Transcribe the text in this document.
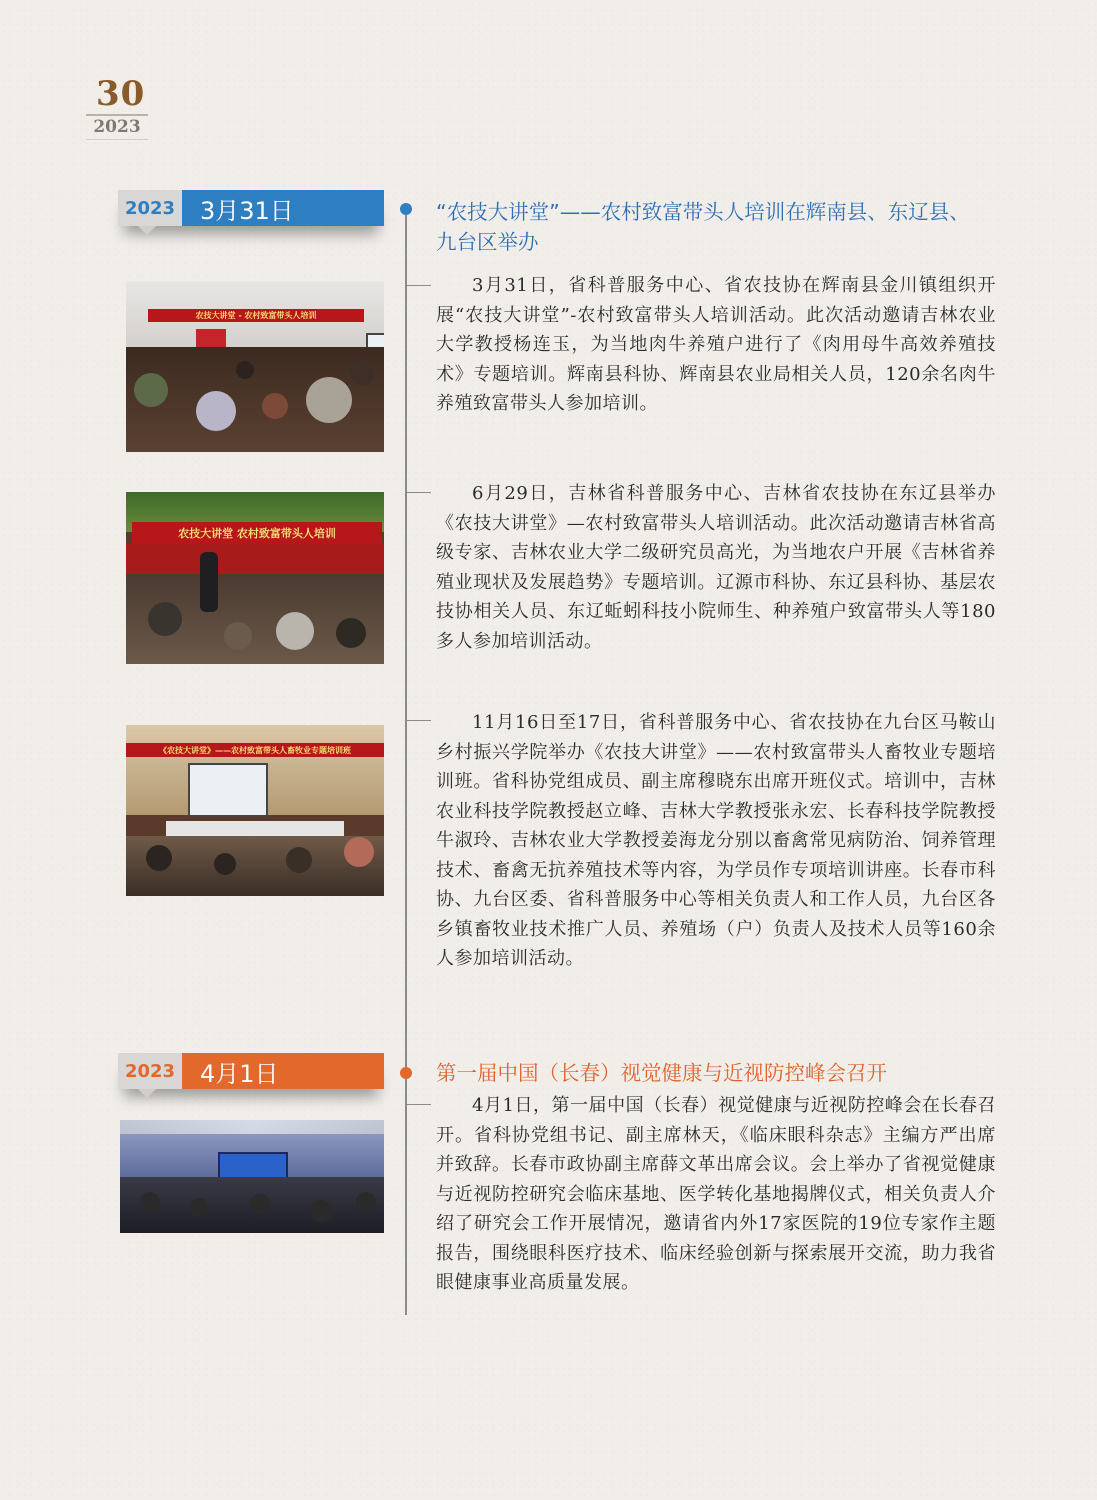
30
2023
2023	3月31日	“农技大讲堂”——农村致富带头人培训在辉南县、东辽县、
九台区举办

3月31日，省科普服务中心、省农技协在辉南县金川镇组织开展“农技大讲堂”-农村致富带头人培训活动。此次活动邀请吉林农业大学教授杨连玉，为当地肉牛养殖户进行了《肉用母牛高效养殖技术》专题培训。辉南县科协、辉南县农业局相关人员，120余名肉牛养殖致富带头人参加培训。

6月29日，吉林省科普服务中心、吉林省农技协在东辽县举办《农技大讲堂》—农村致富带头人培训活动。此次活动邀请吉林省高级专家、吉林农业大学二级研究员高光，为当地农户开展《吉林省养殖业现状及发展趋势》专题培训。辽源市科协、东辽县科协、基层农技协相关人员、东辽蚯蚓科技小院师生、种养殖户致富带头人等180多人参加培训活动。

11月16日至17日，省科普服务中心、省农技协在九台区马鞍山乡村振兴学院举办《农技大讲堂》——农村致富带头人畜牧业专题培训班。省科协党组成员、副主席穆晓东出席开班仪式。培训中，吉林农业科技学院教授赵立峰、吉林大学教授张永宏、长春科技学院教授牛淑玲、吉林农业大学教授姜海龙分别以畜禽常见病防治、饲养管理技术、畜禽无抗养殖技术等内容，为学员作专项培训讲座。长春市科协、九台区委、省科普服务中心等相关负责人和工作人员，九台区各乡镇畜牧业技术推广人员、养殖场（户）负责人及技术人员等160余人参加培训活动。

农技大讲堂 - 农村致富带头人培训
农技大讲堂 农村致富带头人培训
《农技大讲堂》——农村致富带头人畜牧业专题培训班
2023	4月1日	第一届中国（长春）视觉健康与近视防控峰会召开

4月1日，第一届中国（长春）视觉健康与近视防控峰会在长春召开。省科协党组书记、副主席林天，《临床眼科杂志》主编方严出席并致辞。长春市政协副主席薛文革出席会议。会上举办了省视觉健康与近视防控研究会临床基地、医学转化基地揭牌仪式，相关负责人介绍了研究会工作开展情况，邀请省内外17家医院的19位专家作主题报告，围绕眼科医疗技术、临床经验创新与探索展开交流，助力我省眼健康事业高质量发展。
